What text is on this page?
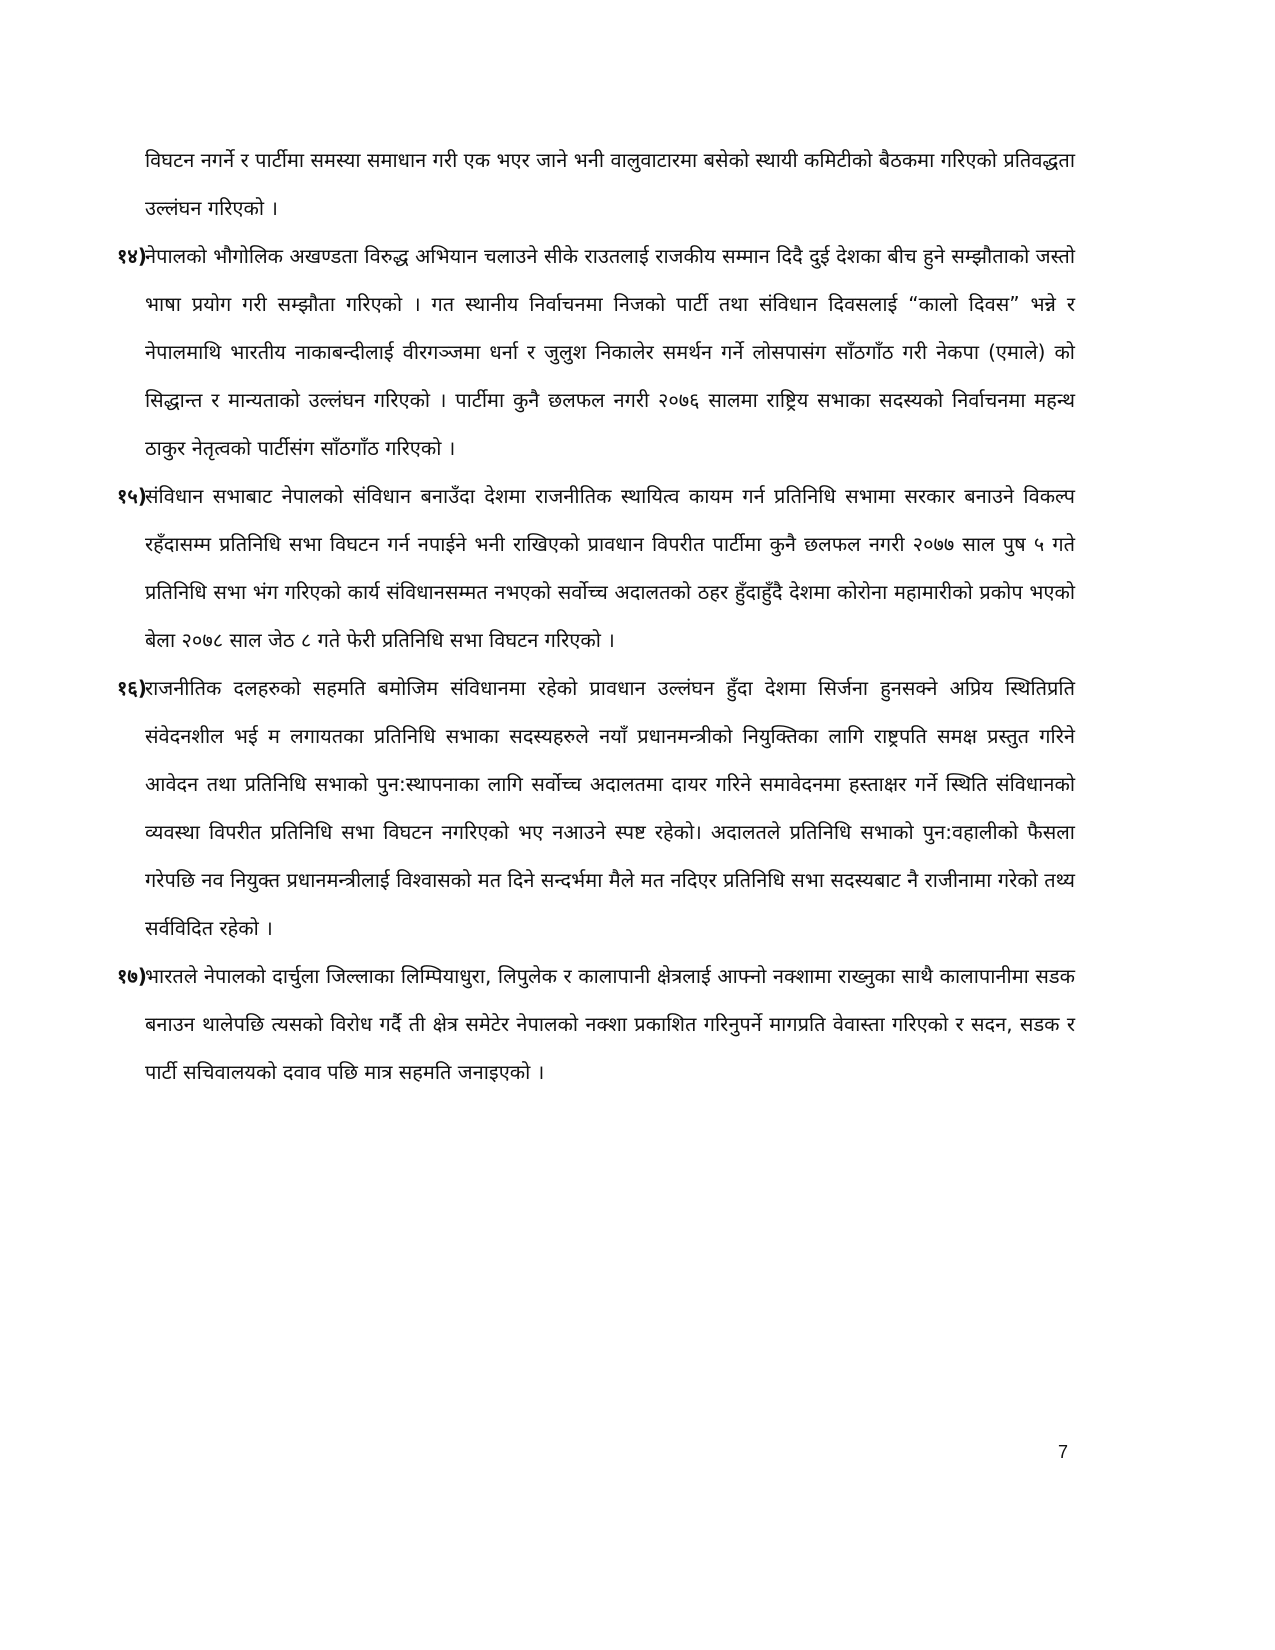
विघटन नगर्ने र पार्टीमा समस्या समाधान गरी एक भएर जाने भनी वालुवाटारमा बसेको स्थायी कमिटीको बैठकमा गरिएको प्रतिवद्धता उल्लंघन गरिएको ।

१४)
नेपालको भौगोलिक अखण्डता विरुद्ध अभियान चलाउने सीके राउतलाई राजकीय सम्मान दिदै दुई देशका बीच हुने सम्झौताको जस्तो भाषा प्रयोग गरी सम्झौता गरिएको । गत स्थानीय निर्वाचनमा निजको पार्टी तथा संविधान दिवसलाई “कालो दिवस” भन्ने र नेपालमाथि भारतीय नाकाबन्दीलाई वीरगञ्जमा धर्ना र जुलुश निकालेर समर्थन गर्ने लोसपासंग साँठगाँठ गरी नेकपा (एमाले) को सिद्धान्त र मान्यताको उल्लंघन गरिएको । पार्टीमा कुनै छलफल नगरी २०७६ सालमा राष्ट्रिय सभाका सदस्यको निर्वाचनमा महन्थ ठाकुर नेतृत्वको पार्टीसंग साँठगाँठ गरिएको ।

१५)
संविधान सभाबाट नेपालको संविधान बनाउँदा देशमा राजनीतिक स्थायित्व कायम गर्न प्रतिनिधि सभामा सरकार बनाउने विकल्प रहँदासम्म प्रतिनिधि सभा विघटन गर्न नपाईने भनी राखिएको प्रावधान विपरीत पार्टीमा कुनै छलफल नगरी २०७७ साल पुष ५ गते प्रतिनिधि सभा भंग गरिएको कार्य संविधानसम्मत नभएको सर्वोच्च अदालतको ठहर हुँदाहुँदै देशमा कोरोना महामारीको प्रकोप भएको बेला २०७८ साल जेठ ८ गते फेरी प्रतिनिधि सभा विघटन गरिएको ।

१६)
राजनीतिक दलहरुको सहमति बमोजिम संविधानमा रहेको प्रावधान उल्लंघन हुँदा देशमा सिर्जना हुनसक्ने अप्रिय स्थितिप्रति संवेदनशील भई म लगायतका प्रतिनिधि सभाका सदस्यहरुले नयाँ प्रधानमन्त्रीको नियुक्तिका लागि राष्ट्रपति समक्ष प्रस्तुत गरिने आवेदन तथा प्रतिनिधि सभाको पुन:स्थापनाका लागि सर्वोच्च अदालतमा दायर गरिने समावेदनमा हस्ताक्षर गर्ने स्थिति संविधानको व्यवस्था विपरीत प्रतिनिधि सभा विघटन नगरिएको भए नआउने स्पष्ट रहेको। अदालतले प्रतिनिधि सभाको पुन:वहालीको फैसला गरेपछि नव नियुक्त प्रधानमन्त्रीलाई विश्वासको मत दिने सन्दर्भमा मैले मत नदिएर प्रतिनिधि सभा सदस्यबाट नै राजीनामा गरेको तथ्य सर्वविदित रहेको ।

१७)
भारतले नेपालको दार्चुला जिल्लाका लिम्पियाधुरा, लिपुलेक र कालापानी क्षेत्रलाई आफ्नो नक्शामा राख्नुका साथै कालापानीमा सडक बनाउन थालेपछि त्यसको विरोध गर्दै ती क्षेत्र समेटेर नेपालको नक्शा प्रकाशित गरिनुपर्ने मागप्रति वेवास्ता गरिएको र सदन, सडक र पार्टी सचिवालयको दवाव पछि मात्र सहमति जनाइएको ।

7
